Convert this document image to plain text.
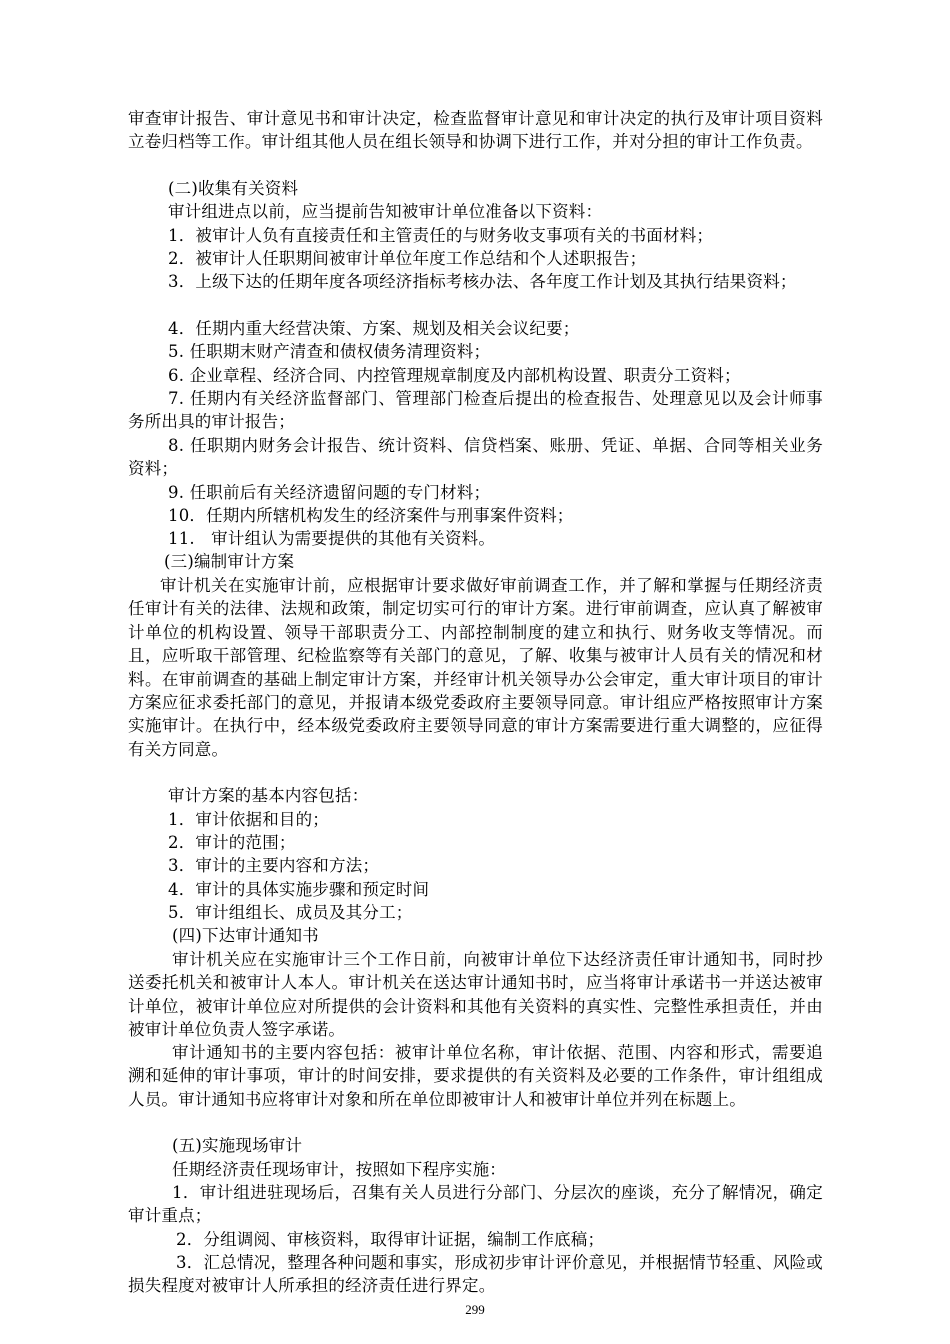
审查审计报告、审计意见书和审计决定，检查监督审计意见和审计决定的执行及审计项目资料立卷归档等工作。审计组其他人员在组长领导和协调下进行工作，并对分担的审计工作负责。

(二)收集有关资料

审计组进点以前，应当提前告知被审计单位准备以下资料：

1．被审计人负有直接责任和主管责任的与财务收支事项有关的书面材料；

2．被审计人任职期间被审计单位年度工作总结和个人述职报告；

3．上级下达的任期年度各项经济指标考核办法、各年度工作计划及其执行结果资料；

4．任期内重大经营决策、方案、规划及相关会议纪要；

5. 任职期末财产清查和债权债务清理资料；

6. 企业章程、经济合同、内控管理规章制度及内部机构设置、职责分工资料；

7. 任期内有关经济监督部门、管理部门检查后提出的检查报告、处理意见以及会计师事务所出具的审计报告；

8. 任职期内财务会计报告、统计资料、信贷档案、账册、凭证、单据、合同等相关业务资料；

9. 任职前后有关经济遗留问题的专门材料；

10．任期内所辖机构发生的经济案件与刑事案件资料；

11.   审计组认为需要提供的其他有关资料。

(三)编制审计方案

审计机关在实施审计前，应根据审计要求做好审前调查工作，并了解和掌握与任期经济责任审计有关的法律、法规和政策，制定切实可行的审计方案。进行审前调查，应认真了解被审计单位的机构设置、领导干部职责分工、内部控制制度的建立和执行、财务收支等情况。而且，应听取干部管理、纪检监察等有关部门的意见，了解、收集与被审计人员有关的情况和材料。在审前调查的基础上制定审计方案，并经审计机关领导办公会审定，重大审计项目的审计方案应征求委托部门的意见，并报请本级党委政府主要领导同意。审计组应严格按照审计方案实施审计。在执行中，经本级党委政府主要领导同意的审计方案需要进行重大调整的，应征得有关方同意。

审计方案的基本内容包括：

1．审计依据和目的；

2．审计的范围；

3．审计的主要内容和方法；

4．审计的具体实施步骤和预定时间

5．审计组组长、成员及其分工；

(四)下达审计通知书

审计机关应在实施审计三个工作日前，向被审计单位下达经济责任审计通知书，同时抄送委托机关和被审计人本人。审计机关在送达审计通知书时，应当将审计承诺书一并送达被审计单位，被审计单位应对所提供的会计资料和其他有关资料的真实性、完整性承担责任，并由被审计单位负责人签字承诺。

审计通知书的主要内容包括：被审计单位名称，审计依据、范围、内容和形式，需要追溯和延伸的审计事项，审计的时间安排，要求提供的有关资料及必要的工作条件，审计组组成人员。审计通知书应将审计对象和所在单位即被审计人和被审计单位并列在标题上。

(五)实施现场审计

任期经济责任现场审计，按照如下程序实施：

1．审计组进驻现场后，召集有关人员进行分部门、分层次的座谈，充分了解情况，确定审计重点；

2．分组调阅、审核资料，取得审计证据，编制工作底稿；

3．汇总情况，整理各种问题和事实，形成初步审计评价意见，并根据情节轻重、风险或损失程度对被审计人所承担的经济责任进行界定。

299
